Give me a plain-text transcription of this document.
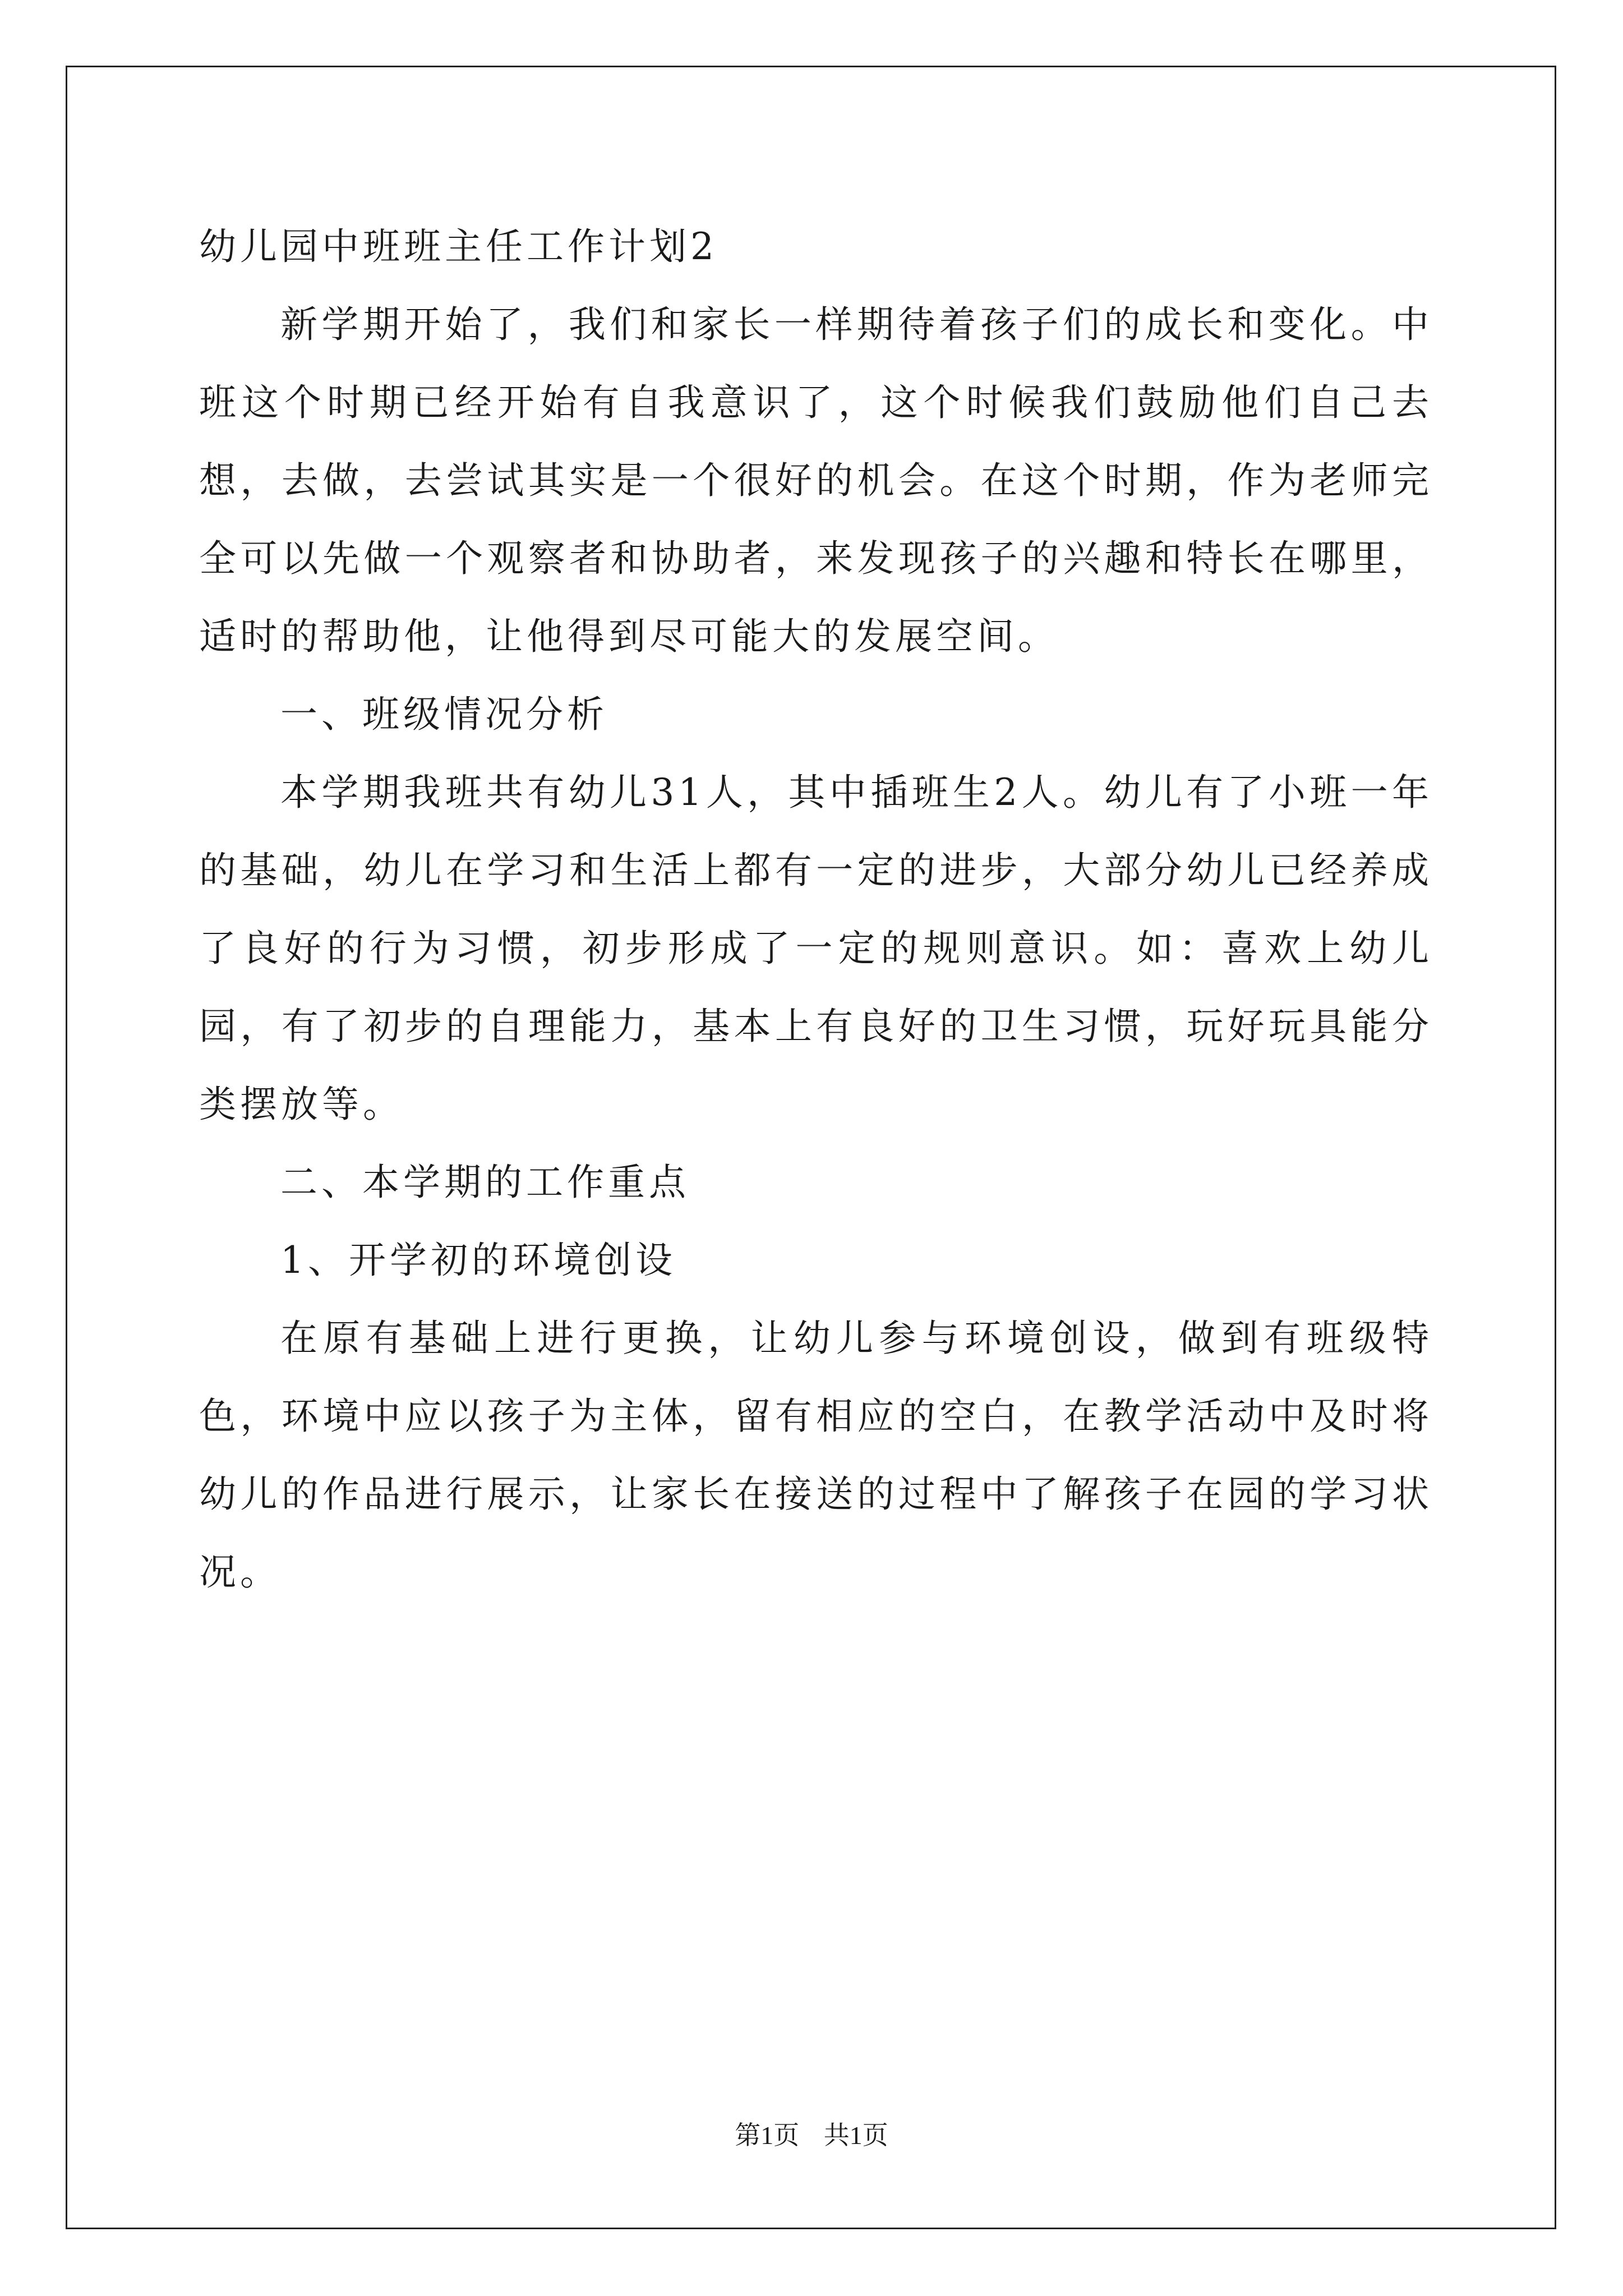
幼儿园中班班主任工作计划2

新学期开始了，我们和家长一样期待着孩子们的成长和变化。中班这个时期已经开始有自我意识了，这个时候我们鼓励他们自己去想，去做，去尝试其实是一个很好的机会。在这个时期，作为老师完全可以先做一个观察者和协助者，来发现孩子的兴趣和特长在哪里，适时的帮助他，让他得到尽可能大的发展空间。

一、班级情况分析

本学期我班共有幼儿31人，其中插班生2人。幼儿有了小班一年的基础，幼儿在学习和生活上都有一定的进步，大部分幼儿已经养成了良好的行为习惯，初步形成了一定的规则意识。如：喜欢上幼儿园，有了初步的自理能力，基本上有良好的卫生习惯，玩好玩具能分类摆放等。

二、本学期的工作重点

1、开学初的环境创设

在原有基础上进行更换，让幼儿参与环境创设，做到有班级特色，环境中应以孩子为主体，留有相应的空白，在教学活动中及时将幼儿的作品进行展示，让家长在接送的过程中了解孩子在园的学习状况。

第1页 共1页
